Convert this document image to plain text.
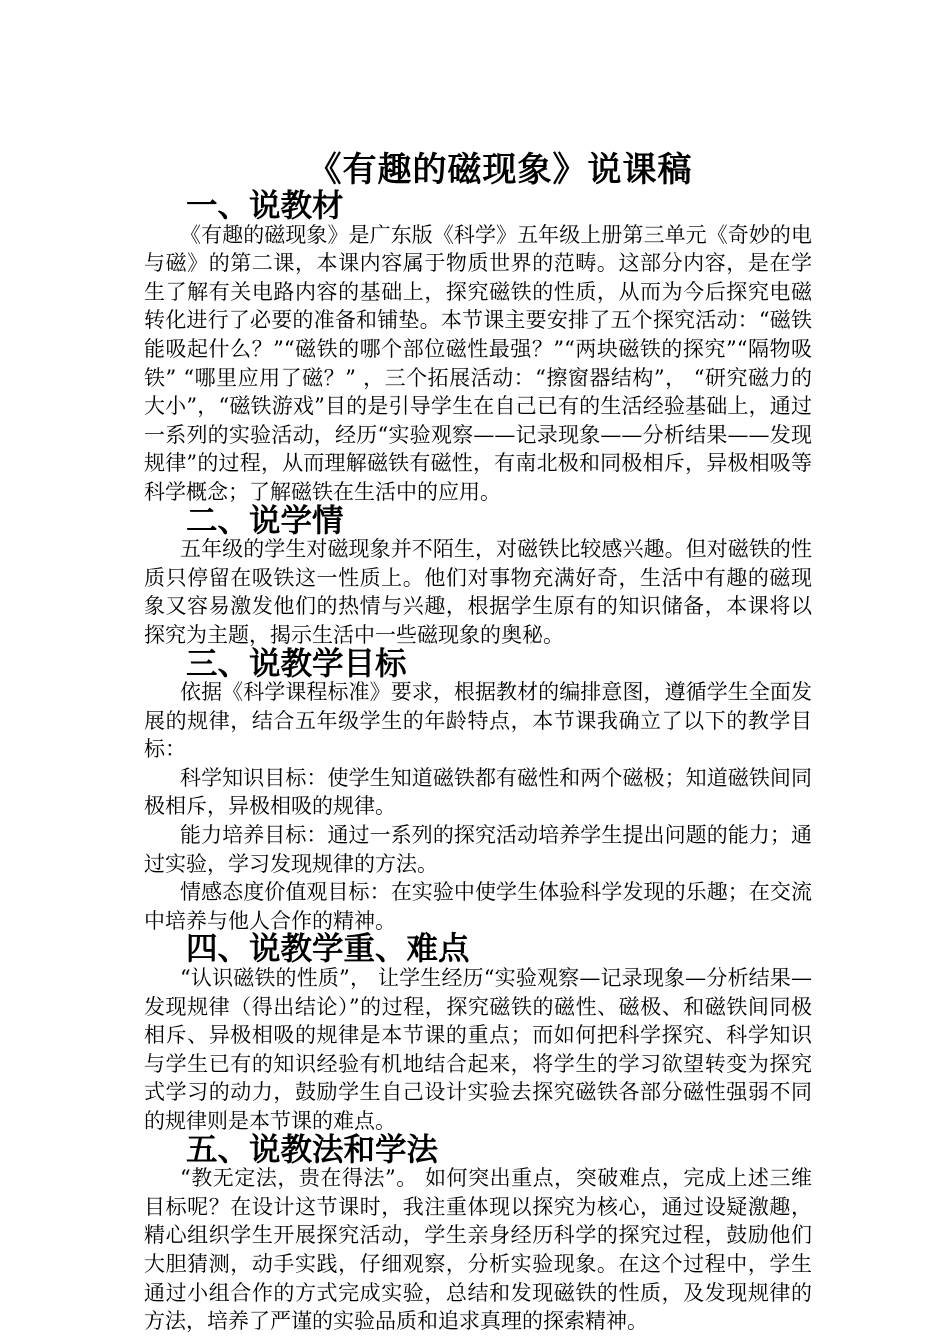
《有趣的磁现象》说课稿
一、说教材

《有趣的磁现象》是广东版《科学》五年级上册第三单元《奇妙的电与磁》的第二课，本课内容属于物质世界的范畴。这部分内容，是在学生了解有关电路内容的基础上，探究磁铁的性质，从而为今后探究电磁转化进行了必要的准备和铺垫。本节课主要安排了五个探究活动：“磁铁能吸起什么？”“磁铁的哪个部位磁性最强？”“两块磁铁的探究”“隔物吸铁” “哪里应用了磁？” ，三个拓展活动：“擦窗器结构”， “研究磁力的大小”，“磁铁游戏”目的是引导学生在自己已有的生活经验基础上，通过一系列的实验活动，经历“实验观察——记录现象——分析结果——发现规律”的过程，从而理解磁铁有磁性，有南北极和同极相斥，异极相吸等科学概念；了解磁铁在生活中的应用。

二、说学情

五年级的学生对磁现象并不陌生，对磁铁比较感兴趣。但对磁铁的性质只停留在吸铁这一性质上。他们对事物充满好奇，生活中有趣的磁现象又容易激发他们的热情与兴趣，根据学生原有的知识储备，本课将以探究为主题，揭示生活中一些磁现象的奥秘。

三、说教学目标

依据《科学课程标准》要求，根据教材的编排意图，遵循学生全面发展的规律，结合五年级学生的年龄特点，本节课我确立了以下的教学目标：

科学知识目标：使学生知道磁铁都有磁性和两个磁极；知道磁铁间同极相斥，异极相吸的规律。

能力培养目标：通过一系列的探究活动培养学生提出问题的能力；通过实验，学习发现规律的方法。

情感态度价值观目标：在实验中使学生体验科学发现的乐趣；在交流中培养与他人合作的精神。

四、说教学重、难点

“认识磁铁的性质”， 让学生经历“实验观察—记录现象—分析结果—发现规律（得出结论）”的过程，探究磁铁的磁性、磁极、和磁铁间同极相斥、异极相吸的规律是本节课的重点；而如何把科学探究、科学知识与学生已有的知识经验有机地结合起来，将学生的学习欲望转变为探究式学习的动力，鼓励学生自己设计实验去探究磁铁各部分磁性强弱不同的规律则是本节课的难点。

五、说教法和学法

“教无定法，贵在得法”。 如何突出重点，突破难点，完成上述三维目标呢？在设计这节课时，我注重体现以探究为核心，通过设疑激趣，精心组织学生开展探究活动，学生亲身经历科学的探究过程，鼓励他们大胆猜测，动手实践，仔细观察，分析实验现象。在这个过程中，学生通过小组合作的方式完成实验，总结和发现磁铁的性质，及发现规律的方法，培养了严谨的实验品质和追求真理的探索精神。
